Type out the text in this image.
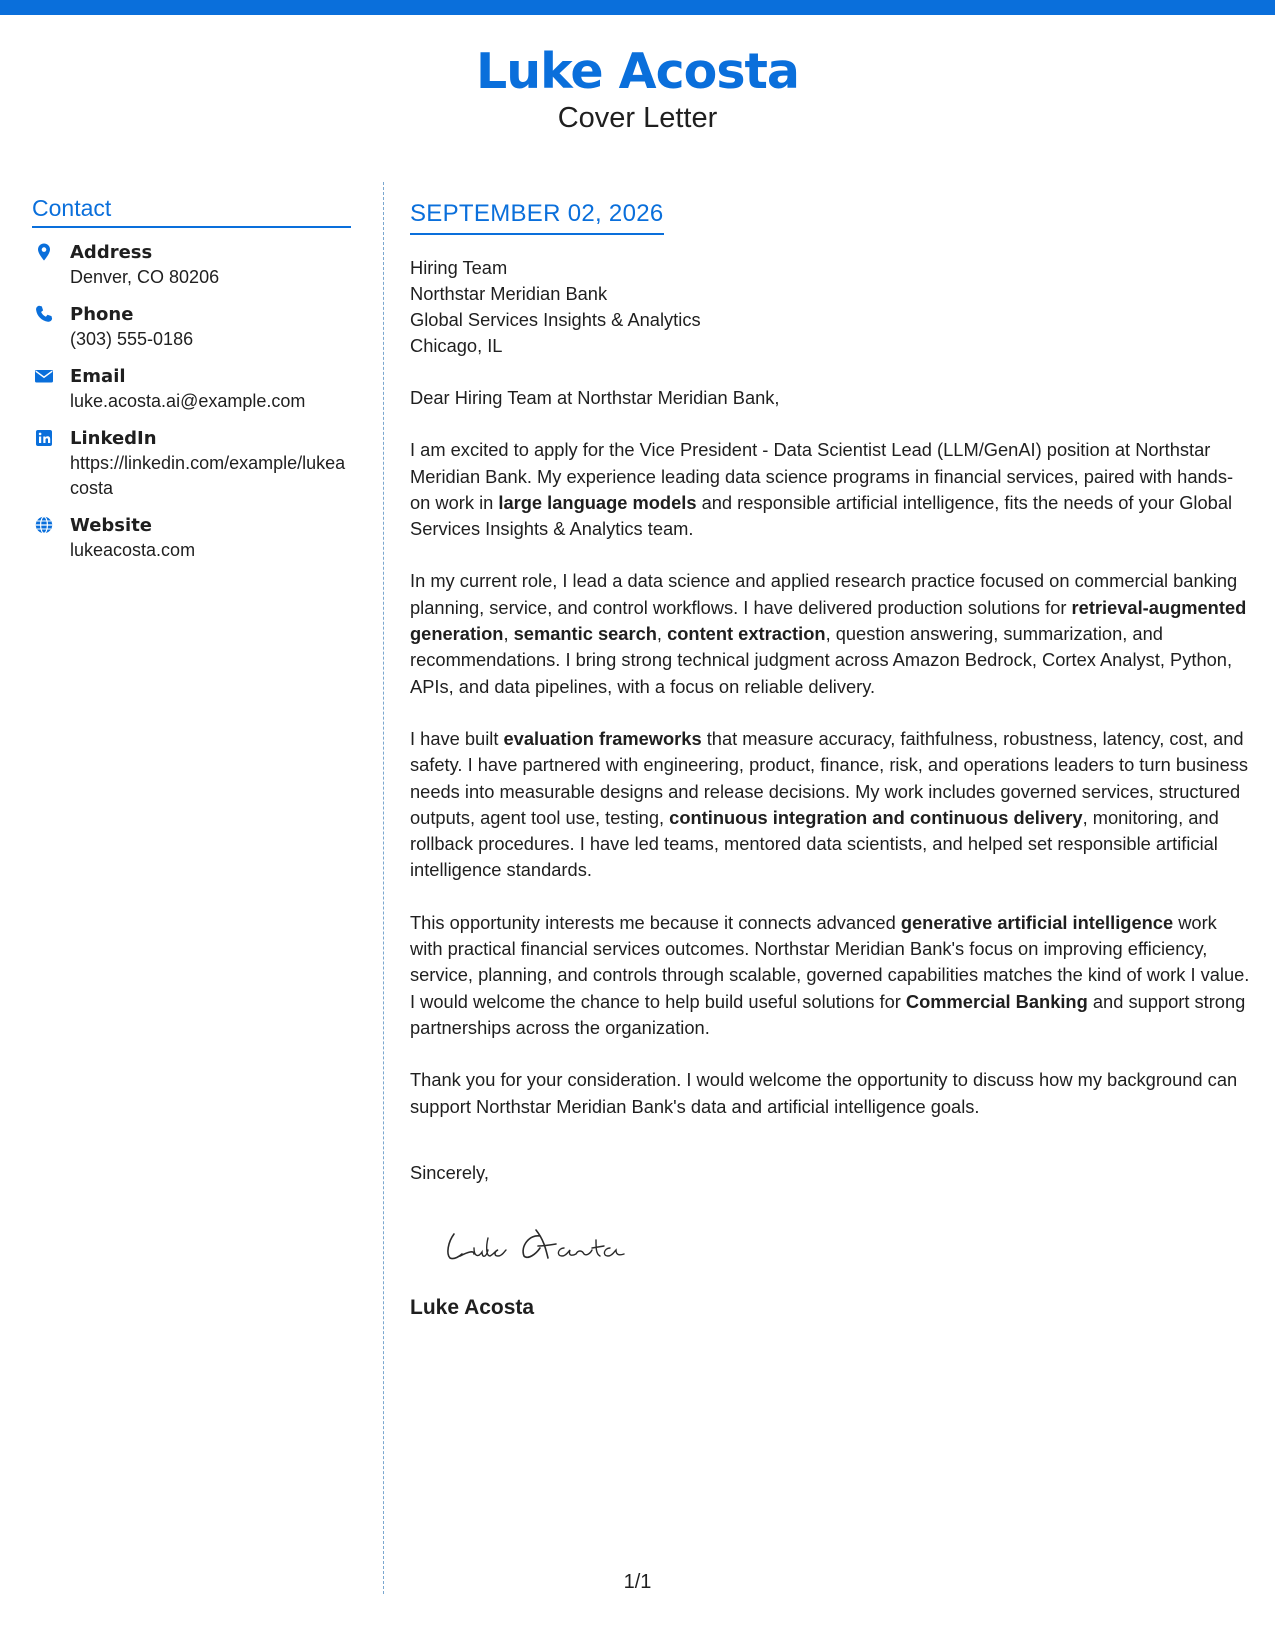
Luke Acosta
Cover Letter
Contact
Address
Denver, CO 80206
Phone
(303) 555-0186
Email
luke.acosta.ai@example.com
LinkedIn
https://linkedin.com/example/lukeacosta
Website
lukeacosta.com
SEPTEMBER 02, 2026
Hiring Team
Northstar Meridian Bank
Global Services Insights & Analytics
Chicago, IL

Dear Hiring Team at Northstar Meridian Bank,

I am excited to apply for the Vice President - Data Scientist Lead (LLM/GenAI) position at Northstar Meridian Bank. My experience leading data science programs in financial services, paired with hands-on work in large language models and responsible artificial intelligence, fits the needs of your Global Services Insights & Analytics team.

In my current role, I lead a data science and applied research practice focused on commercial banking planning, service, and control workflows. I have delivered production solutions for retrieval-augmented generation, semantic search, content extraction, question answering, summarization, and recommendations. I bring strong technical judgment across Amazon Bedrock, Cortex Analyst, Python, APIs, and data pipelines, with a focus on reliable delivery.

I have built evaluation frameworks that measure accuracy, faithfulness, robustness, latency, cost, and safety. I have partnered with engineering, product, finance, risk, and operations leaders to turn business needs into measurable designs and release decisions. My work includes governed services, structured outputs, agent tool use, testing, continuous integration and continuous delivery, monitoring, and rollback procedures. I have led teams, mentored data scientists, and helped set responsible artificial intelligence standards.

This opportunity interests me because it connects advanced generative artificial intelligence work with practical financial services outcomes. Northstar Meridian Bank's focus on improving efficiency, service, planning, and controls through scalable, governed capabilities matches the kind of work I value. I would welcome the chance to help build useful solutions for Commercial Banking and support strong partnerships across the organization.

Thank you for your consideration. I would welcome the opportunity to discuss how my background can support Northstar Meridian Bank's data and artificial intelligence goals.

Sincerely,
Luke Acosta
1/1
